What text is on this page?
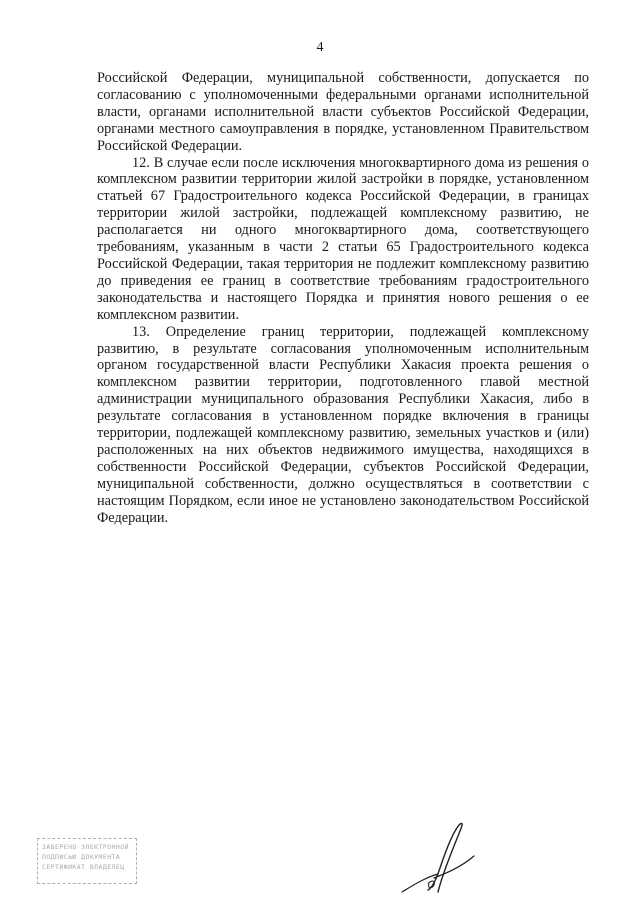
4

Российской Федерации, муниципальной собственности, допускается по согласованию с уполномоченными федеральными органами исполнительной власти, органами исполнительной власти субъектов Российской Федерации, органами местного самоуправления в порядке, установленном Правительством Российской Федерации.

12. В случае если после исключения многоквартирного дома из решения о комплексном развитии территории жилой застройки в порядке, установленном статьей 67 Градостроительного кодекса Российской Федерации, в границах территории жилой застройки, подлежащей комплексному развитию, не располагается ни одного многоквартирного дома, соответствующего требованиям, указанным в части 2 статьи 65 Градостроительного кодекса Российской Федерации, такая территория не подлежит комплексному развитию до приведения ее границ в соответствие требованиям градостроительного законодательства и настоящего Порядка и принятия нового решения о ее комплексном развитии.

13. Определение границ территории, подлежащей комплексному развитию, в результате согласования уполномоченным исполнительным органом государственной власти Республики Хакасия проекта решения о комплексном развитии территории, подготовленного главой местной администрации муниципального образования Республики Хакасия, либо в результате согласования в установленном порядке включения в границы территории, подлежащей комплексному развитию, земельных участков и (или) расположенных на них объектов недвижимого имущества, находящихся в собственности Российской Федерации, субъектов Российской Федерации, муниципальной собственности, должно осуществляться в соответствии с настоящим Порядком, если иное не установлено законодательством Российской Федерации.

ЗАВЕРЕНО ЭЛЕКТРОННОЙ
ПОДПИСЬЮ ДОКУМЕНТА
СЕРТИФИКАТ ВЛАДЕЛЕЦ
